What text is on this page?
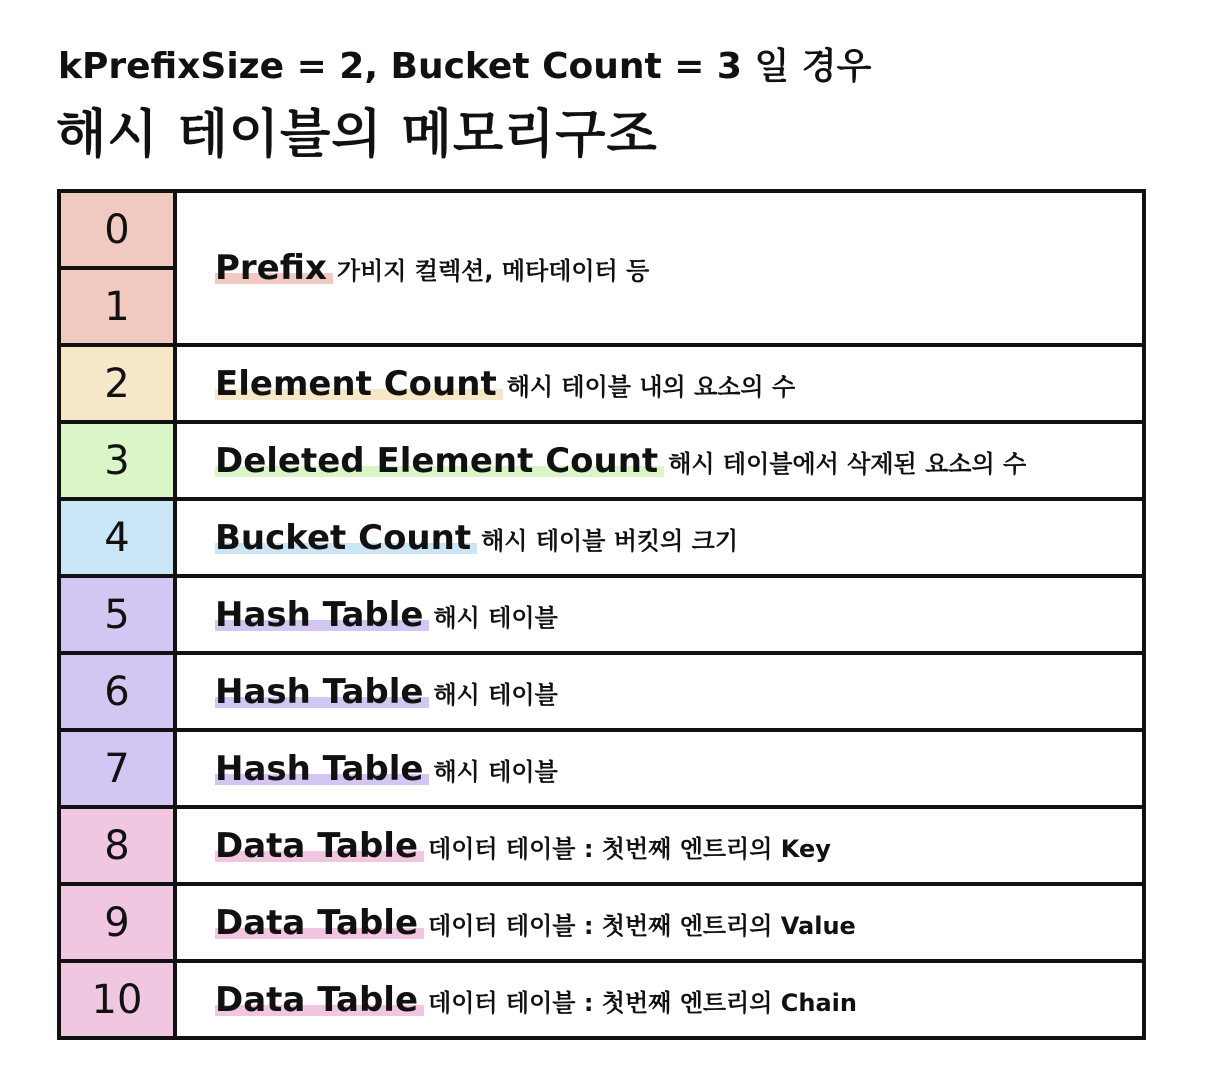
kPrefixSize = 2, Bucket Count = 3 일 경우
해시 테이블의 메모리구조
0
1
2
3
4
5
6
7
8
9
10
Prefix 가비지 컬렉션, 메타데이터 등
Element Count 해시 테이블 내의 요소의 수
Deleted Element Count 해시 테이블에서 삭제된 요소의 수
Bucket Count 해시 테이블 버킷의 크기
Hash Table 해시 테이블
Hash Table 해시 테이블
Hash Table 해시 테이블
Data Table 데이터 테이블 : 첫번째 엔트리의 Key
Data Table 데이터 테이블 : 첫번째 엔트리의 Value
Data Table 데이터 테이블 : 첫번째 엔트리의 Chain
